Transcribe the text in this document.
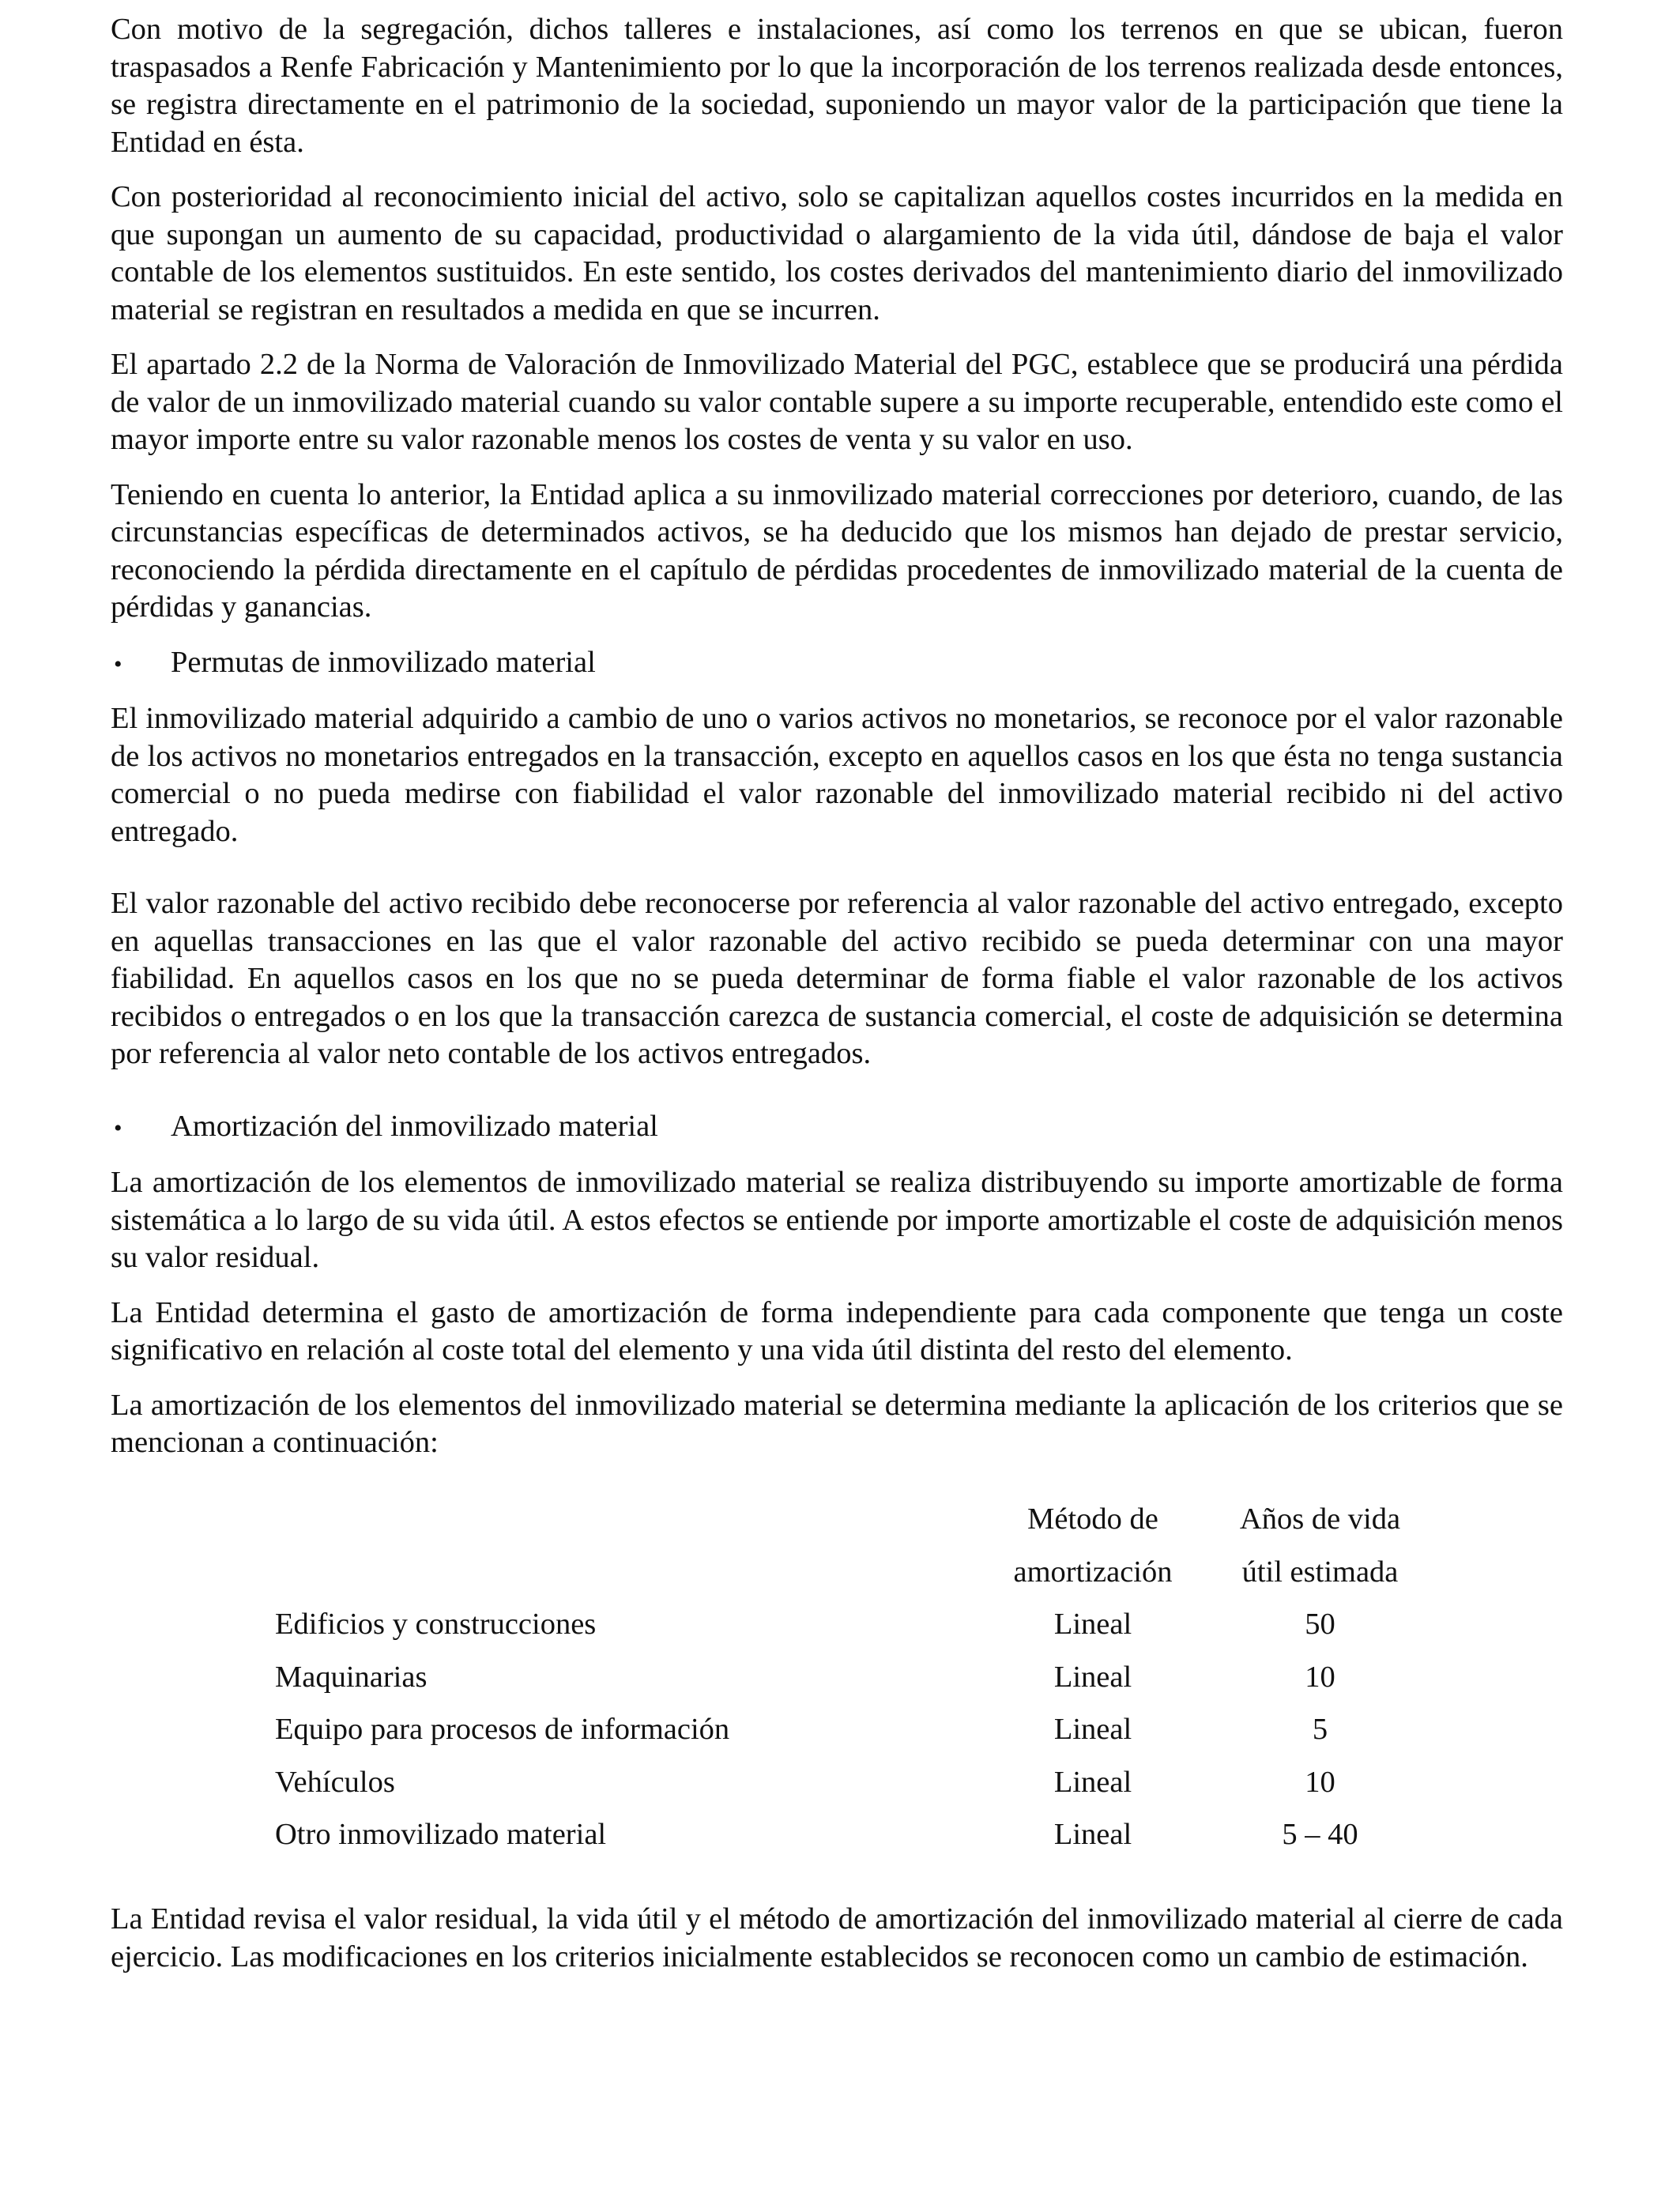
Con motivo de la segregación, dichos talleres e instalaciones, así como los terrenos en que se ubican, fueron traspasados a Renfe Fabricación y Mantenimiento por lo que la incorporación de los terrenos realizada desde entonces, se registra directamente en el patrimonio de la sociedad, suponiendo un mayor valor de la participación que tiene la Entidad en ésta.

Con posterioridad al reconocimiento inicial del activo, solo se capitalizan aquellos costes incurridos en la medida en que supongan un aumento de su capacidad, productividad o alargamiento de la vida útil, dándose de baja el valor contable de los elementos sustituidos. En este sentido, los costes derivados del mantenimiento diario del inmovilizado material se registran en resultados a medida en que se incurren.

El apartado 2.2 de la Norma de Valoración de Inmovilizado Material del PGC, establece que se producirá una pérdida de valor de un inmovilizado material cuando su valor contable supere a su importe recuperable, entendido este como el mayor importe entre su valor razonable menos los costes de venta y su valor en uso.

Teniendo en cuenta lo anterior, la Entidad aplica a su inmovilizado material correcciones por deterioro, cuando, de las circunstancias específicas de determinados activos, se ha deducido que los mismos han dejado de prestar servicio, reconociendo la pérdida directamente en el capítulo de pérdidas procedentes de inmovilizado material de la cuenta de pérdidas y ganancias.

•	Permutas de inmovilizado material

El inmovilizado material adquirido a cambio de uno o varios activos no monetarios, se reconoce por el valor razonable de los activos no monetarios entregados en la transacción, excepto en aquellos casos en los que ésta no tenga sustancia comercial o no pueda medirse con fiabilidad el valor razonable del inmovilizado material recibido ni del activo entregado.

El valor razonable del activo recibido debe reconocerse por referencia al valor razonable del activo entregado, excepto en aquellas transacciones en las que el valor razonable del activo recibido se pueda determinar con una mayor fiabilidad. En aquellos casos en los que no se pueda determinar de forma fiable el valor razonable de los activos recibidos o entregados o en los que la transacción carezca de sustancia comercial, el coste de adquisición se determina por referencia al valor neto contable de los activos entregados.

•	Amortización del inmovilizado material

La amortización de los elementos de inmovilizado material se realiza distribuyendo su importe amortizable de forma sistemática a lo largo de su vida útil. A estos efectos se entiende por importe amortizable el coste de adquisición menos su valor residual.

La Entidad determina el gasto de amortización de forma independiente para cada componente que tenga un coste significativo en relación al coste total del elemento y una vida útil distinta del resto del elemento.

La amortización de los elementos del inmovilizado material se determina mediante la aplicación de los criterios que se mencionan a continuación:

	Método de	Años de vida
	amortización	útil estimada
Edificios y construcciones	Lineal	50
Maquinarias	Lineal	10
Equipo para procesos de información	Lineal	5
Vehículos	Lineal	10
Otro inmovilizado material	Lineal	5 – 40

La Entidad revisa el valor residual, la vida útil y el método de amortización del inmovilizado material al cierre de cada ejercicio. Las modificaciones en los criterios inicialmente establecidos se reconocen como un cambio de estimación.
